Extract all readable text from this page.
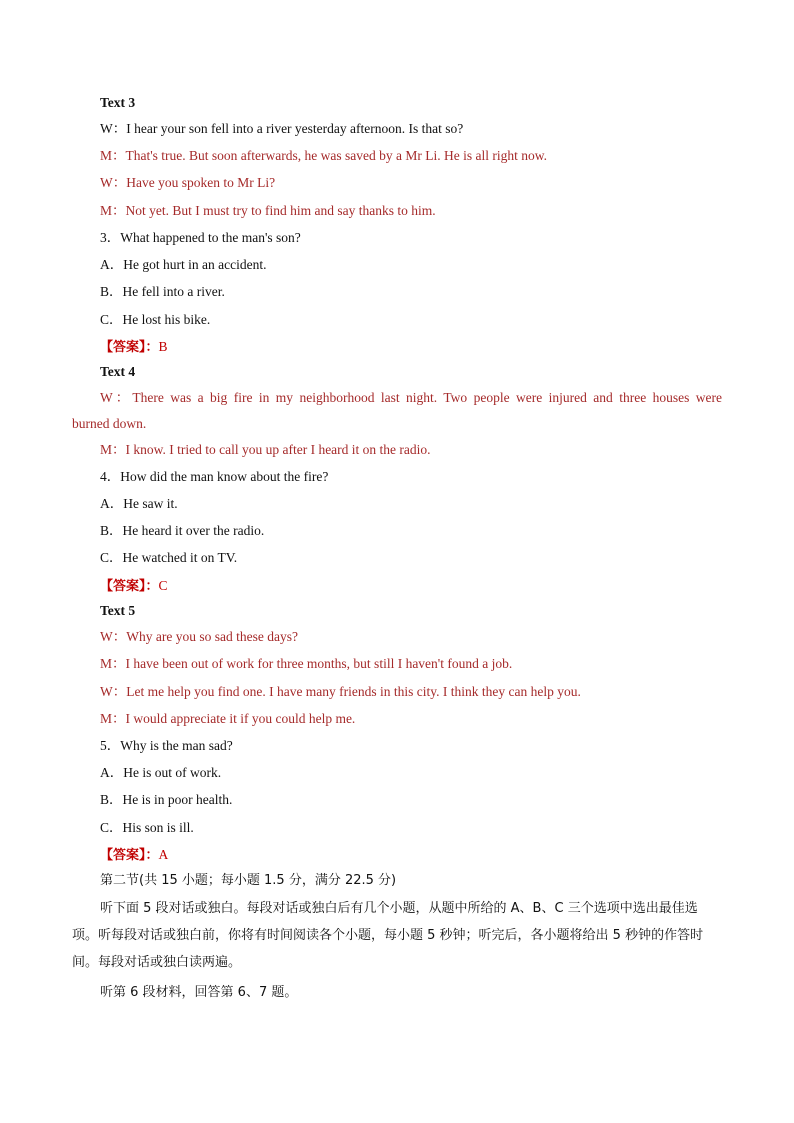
Text 3
W：I hear your son fell into a river yesterday afternoon. Is that so?
M：That's true. But soon afterwards, he was saved by a Mr Li. He is all right now.
W：Have you spoken to Mr Li?
M：Not yet. But I must try to find him and say thanks to him.
3．What happened to the man's son?
A．He got hurt in an accident.
B．He fell into a river.
C．He lost his bike.
【答案】：B
Text 4
W：There was a big fire in my neighborhood last night. Two people were injured and three houses were
burned down.
M：I know. I tried to call you up after I heard it on the radio.
4．How did the man know about the fire?
A．He saw it.
B．He heard it over the radio.
C．He watched it on TV.
【答案】：C
Text 5
W：Why are you so sad these days?
M：I have been out of work for three months, but still I haven't found a job.
W：Let me help you find one. I have many friends in this city. I think they can help you.
M：I would appreciate it if you could help me.
5．Why is the man sad?
A．He is out of work.
B．He is in poor health.
C．His son is ill.
【答案】：A
第二节(共 15 小题；每小题 1.5 分，满分 22.5 分)
听下面 5 段对话或独白。每段对话或独白后有几个小题，从题中所给的 A、B、C 三个选项中选出最佳选项。听每段对话或独白前，你将有时间阅读各个小题，每小题 5 秒钟；听完后，各小题将给出 5 秒钟的作答时间。每段对话或独白读两遍。
听第 6 段材料，回答第 6、7 题。
